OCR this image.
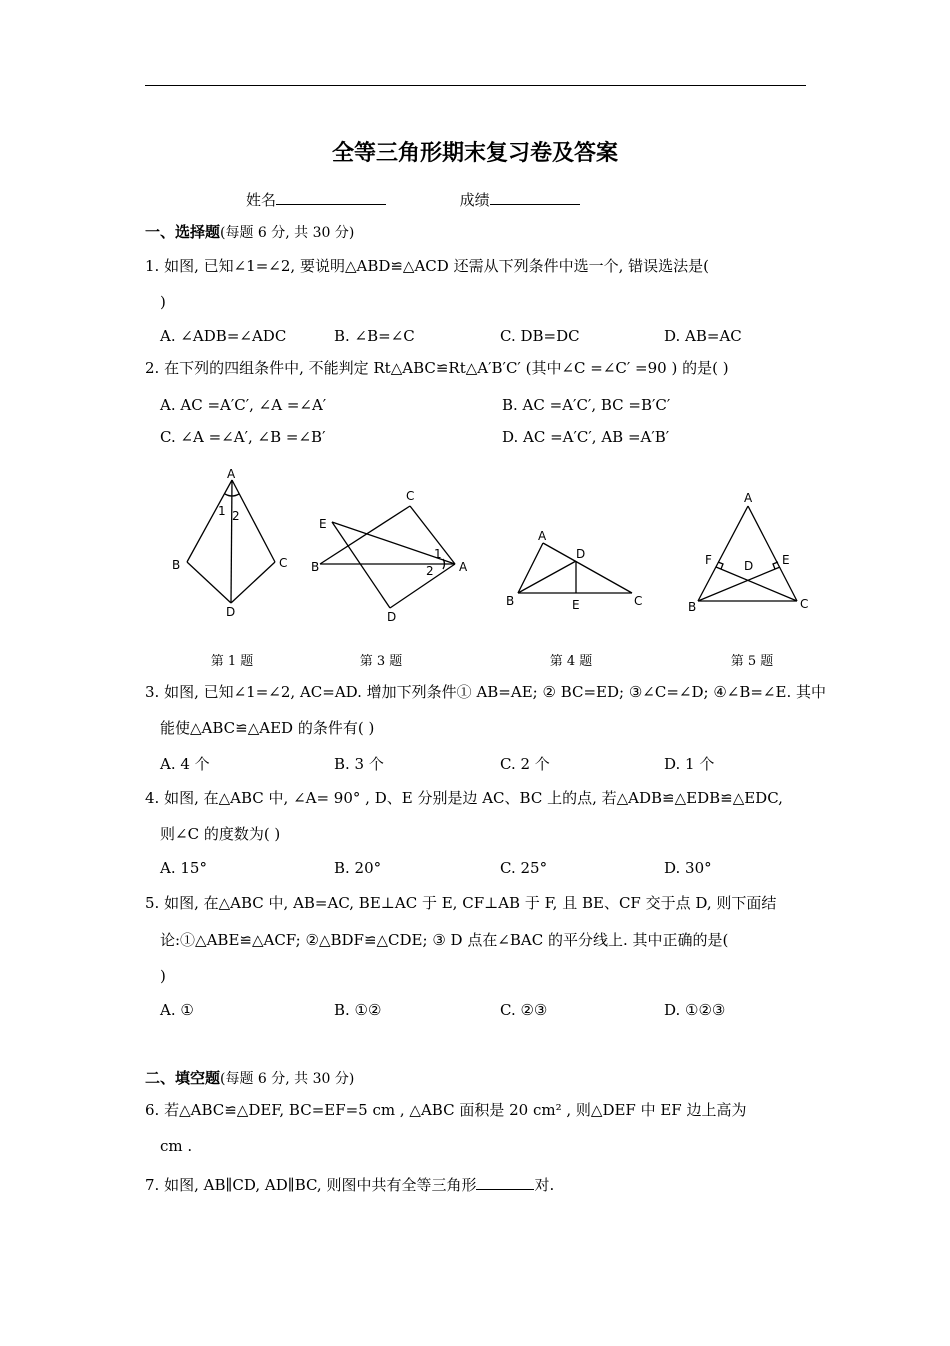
全等三角形期末复习卷及答案
姓名	成绩
一、选择题(每题 6 分, 共 30 分)
1. 如图, 已知∠1=∠2, 要说明△ABD≌△ACD 还需从下列条件中选一个, 错误选法是(
)
A. ∠ADB=∠ADC	B. ∠B=∠C	C. DB=DC	D. AB=AC
2. 在下列的四组条件中, 不能判定 Rt△ABC≌Rt△A′B′C′ (其中∠C =∠C′ =90 ) 的是( )
A. AC =A′C′, ∠A =∠A′	B. AC =A′C′, BC =B′C′
C. ∠A =∠A′, ∠B =∠B′	D. AC =A′C′, AB =A′B′
A
B	C
D
1 2
C
E
B	A
D
1
2
A
D
B	E	C
A
F	E
D
B	C
第 1 题	第 3 题	第 4 题	第 5 题
3. 如图, 已知∠1=∠2, AC=AD. 增加下列条件① AB=AE; ② BC=ED; ③∠C=∠D; ④∠B=∠E. 其中
能使△ABC≌△AED 的条件有( )
A. 4 个	B. 3 个	C. 2 个	D. 1 个
4. 如图, 在△ABC 中, ∠A= 90° , D、E 分别是边 AC、BC 上的点, 若△ADB≌△EDB≌△EDC,
则∠C 的度数为( )
A. 15°	B. 20°	C. 25°	D. 30°
5. 如图, 在△ABC 中, AB=AC, BE⊥AC 于 E, CF⊥AB 于 F, 且 BE、CF 交于点 D, 则下面结
论:①△ABE≌△ACF; ②△BDF≌△CDE; ③ D 点在∠BAC 的平分线上. 其中正确的是(
)
A. ①	B. ①②	C. ②③	D. ①②③
二、填空题(每题 6 分, 共 30 分)
6. 若△ABC≌△DEF, BC=EF=5 cm , △ABC 面积是 20 cm² , 则△DEF 中 EF 边上高为
cm .
7. 如图, AB∥CD, AD∥BC, 则图中共有全等三角形	对.
